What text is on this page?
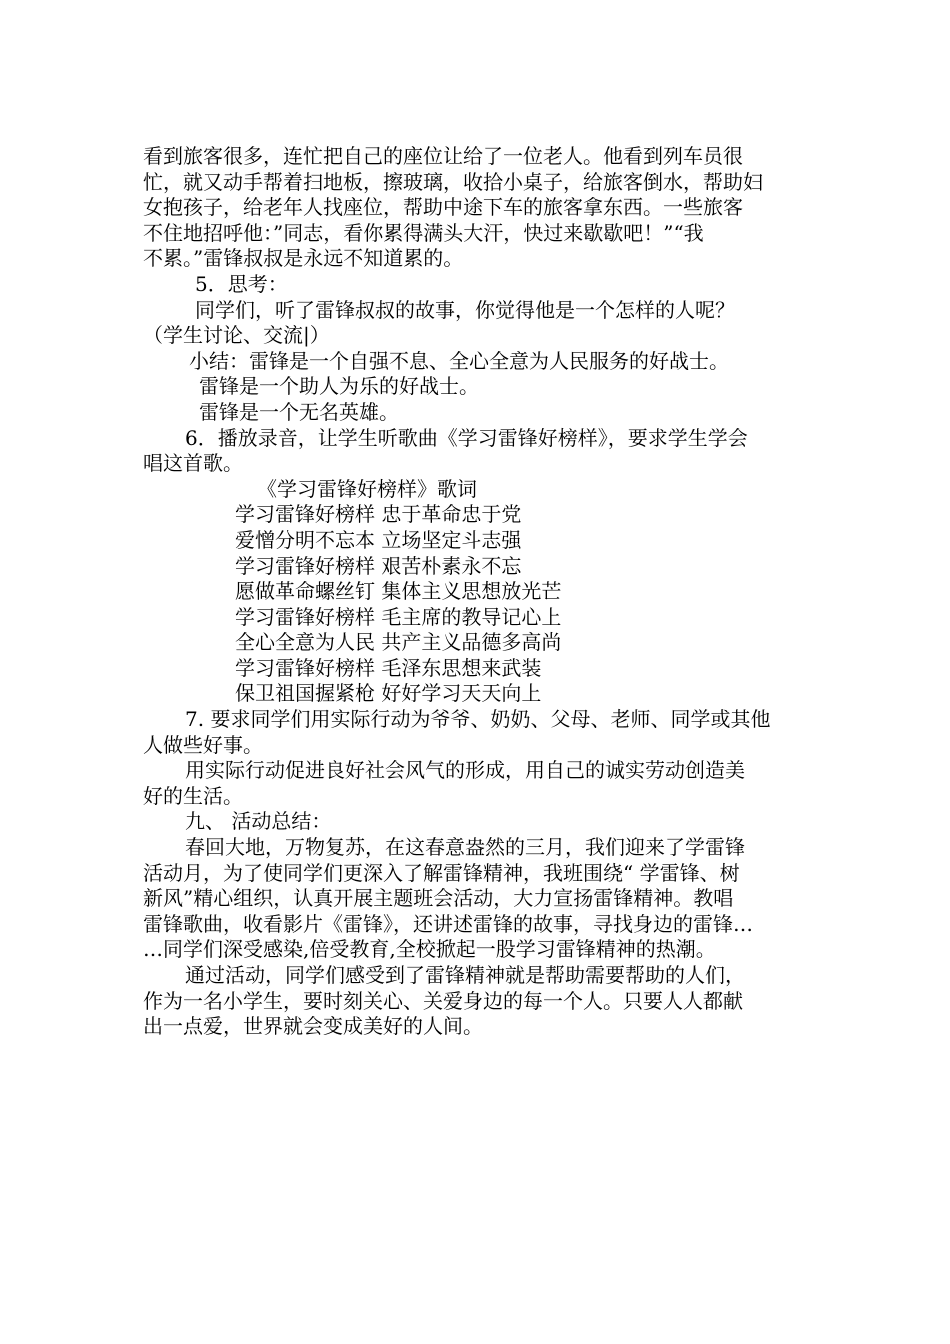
看到旅客很多，连忙把自己的座位让给了一位老人。他看到列车员很

忙，就又动手帮着扫地板，擦玻璃，收拾小桌子，给旅客倒水，帮助妇

女抱孩子，给老年人找座位，帮助中途下车的旅客拿东西。一些旅客

不住地招呼他：”同志，看你累得满头大汗，快过来歇歇吧！”“我

不累。”雷锋叔叔是永远不知道累的。

5．思考：

同学们，听了雷锋叔叔的故事，你觉得他是一个怎样的人呢？

（学生讨论、交流|）

小结：雷锋是一个自强不息、全心全意为人民服务的好战士。

雷锋是一个助人为乐的好战士。

雷锋是一个无名英雄。

6．播放录音，让学生听歌曲《学习雷锋好榜样》，要求学生学会

唱这首歌。

《学习雷锋好榜样》歌词

学习雷锋好榜样 忠于革命忠于党

爱憎分明不忘本 立场坚定斗志强

学习雷锋好榜样 艰苦朴素永不忘

愿做革命螺丝钉 集体主义思想放光芒

学习雷锋好榜样 毛主席的教导记心上

全心全意为人民 共产主义品德多高尚

学习雷锋好榜样 毛泽东思想来武装

保卫祖国握紧枪 好好学习天天向上

7. 要求同学们用实际行动为爷爷、奶奶、父母、老师、同学或其他

人做些好事。

用实际行动促进良好社会风气的形成，用自己的诚实劳动创造美

好的生活。

九、 活动总结：

春回大地，万物复苏，在这春意盎然的三月，我们迎来了学雷锋

活动月，为了使同学们更深入了解雷锋精神，我班围绕“ 学雷锋、树

新风”精心组织，认真开展主题班会活动，大力宣扬雷锋精神。教唱

雷锋歌曲，收看影片《雷锋》，还讲述雷锋的故事，寻找身边的雷锋…

…同学们深受感染,倍受教育,全校掀起一股学习雷锋精神的热潮。

通过活动，同学们感受到了雷锋精神就是帮助需要帮助的人们，

作为一名小学生，要时刻关心、关爱身边的每一个人。只要人人都献

出一点爱，世界就会变成美好的人间。
